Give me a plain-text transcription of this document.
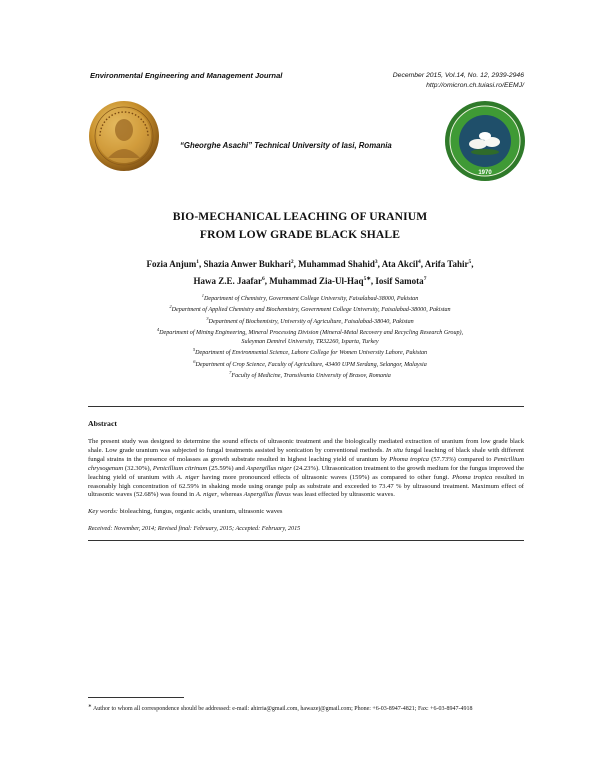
Environmental Engineering and Management Journal	December 2015, Vol.14, No. 12, 2939-2946
http://omicron.ch.tuiasi.ro/EEMJ/
“Gheorghe Asachi” Technical University of Iasi, Romania
1970
BIO-MECHANICAL LEACHING OF URANIUM
FROM LOW GRADE BLACK SHALE
Fozia Anjum$^1$, Shazia Anwer Bukhari$^2$, Muhammad Shahid$^3$, Ata Akcil$^4$, Arifa Tahir$^5$,
Hawa Z.E. Jaafar$^6$, Muhammad Zia-Ul-Haq$^{5∗}$, Iosif Samota$^7$
$^1$Department of Chemistry, Government College University, Faisalabad-38000, Pakistan
$^2$Department of Applied Chemistry and Biochemistry, Government College University, Faisalabad-38000, Pakistan
$^3$Department of Biochemistry, University of Agriculture, Faisalabad-38040, Pakistan
$^4$Department of Mining Engineering, Mineral Processing Division (Mineral-Metal Recovery and Recycling Research Group),
Suleyman Demirel University, TR32260, Isparta, Turkey
$^5$Department of Environmental Science, Lahore College for Women University Lahore, Pakistan
$^6$Department of Crop Science, Faculty of Agriculture, 43400 UPM Serdang, Selangor, Malaysia
$^7$Faculty of Medicine, Transilvania University of Brasov, Romania
Abstract
The present study was designed to determine the sound effects of ultrasonic treatment and the biologically mediated extraction of uranium from low grade black shale. Low grade uranium was subjected to fungal treatments assisted by sonication by conventional methods. In situ fungal leaching of black shale with different fungal strains in the presence of molasses as growth substrate resulted in highest leaching yield of uranium by Phoma tropica (57.73%) compared to Penicillium chrysogenum (32.30%), Penicillium citrinum (25.59%) and Aspergillus niger (24.23%). Ultrasonication treatment to the growth medium for the fungus improved the leaching yield of uranium with A. niger having more pronounced effects of ultrasonic waves (159%) as compared to other fungi. Phoma tropica resulted in reasonably high concentration of 62.59% in shaking mode using orange pulp as substrate and exceeded to 73.47 % by ultrasound treatment. Maximum effect of ultrasonic waves (52.68%) was found in A. niger, whereas Aspergillus flavus was least effected by ultrasonic waves.
Key words: bioleaching, fungus, organic acids, uranium, ultrasonic waves
Received: November, 2014; Revised final: February, 2015; Accepted: February, 2015
∗ Author to whom all correspondence should be addressed: e-mail: ahirria@gmail.com, hawazej@gmail.com; Phone: +6-03-8947-4821; Fax: +6-03-8947-4918
